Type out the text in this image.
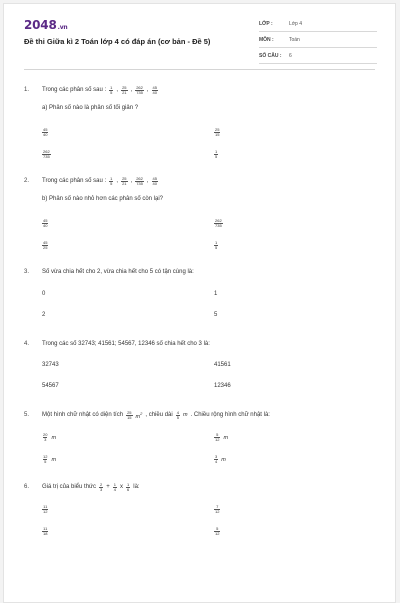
2048.vn
Đề thi Giữa kì 2 Toán lớp 4 có đáp án (cơ bản - Đề 5)
LỚP :	Lớp 4
MÔN :	Toán
SỐ CÂU :	6
1.	Trong các phân số sau : $\frac{1}{5}$ , $\frac{25}{21}$ , $\frac{262}{735}$ , $\frac{45}{40}$
a) Phân số nào là phân số tối giản ?
$\frac{45}{40}$	$\frac{25}{15}$
$\frac{262}{735}$	$\frac{1}{5}$
2.	Trong các phân số sau : $\frac{1}{5}$ , $\frac{25}{21}$ , $\frac{262}{735}$ , $\frac{45}{40}$
b) Phân số nào nhỏ hơn các phân số còn lại?
$\frac{45}{40}$	$\frac{262}{735}$
$\frac{45}{25}$	$\frac{1}{5}$
3.	Số vừa chia hết cho 2, vừa chia hết cho 5 có tận cùng là:
0	1
2	5
4.	Trong các số 32743; 41561; 54567, 12346 số chia hết cho 3 là:
32743	41561
54567	12346
5.	Một hình chữ nhật có diện tích $\frac{25}{15} m^2$ , chiều dài $\frac{4}{5}$ m . Chiều rộng hình chữ nhật là:
$\frac{20}{3}$ m	$\frac{5}{12}$ m
$\frac{12}{5}$ m	$\frac{3}{4}$ m
6.	Giá trị của biểu thức $\frac{2}{3} + \frac{1}{4}$ x $\frac{1}{6}$ là:
$\frac{11}{12}$	$\frac{7}{12}$
$\frac{11}{18}$	$\frac{5}{12}$
